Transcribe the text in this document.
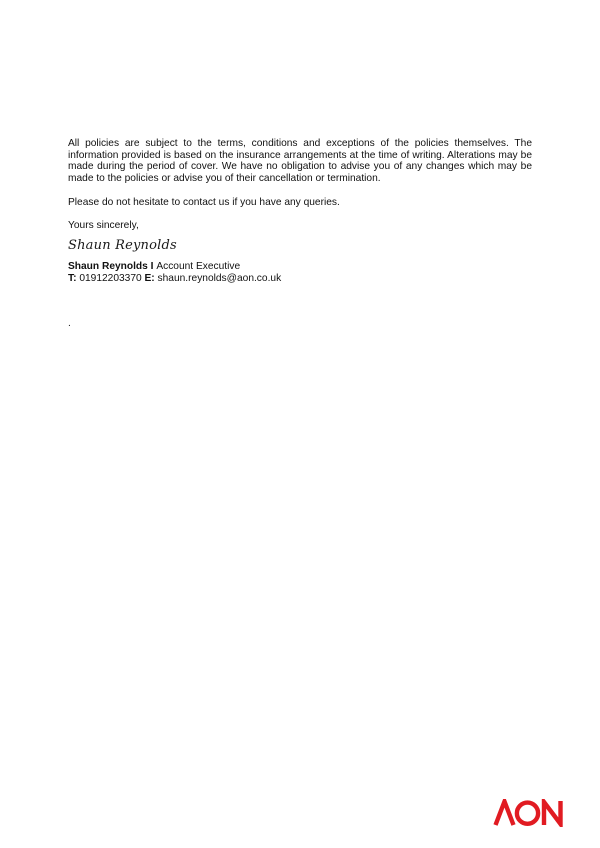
All policies are subject to the terms, conditions and exceptions of the policies themselves. The information provided is based on the insurance arrangements at the time of writing. Alterations may be made during the period of cover. We have no obligation to advise you of any changes which may be made to the policies or advise you of their cancellation or termination.

Please do not hesitate to contact us if you have any queries.

Yours sincerely,

Shaun Reynolds
Shaun Reynolds I Account Executive
T: 01912203370 E: shaun.reynolds@aon.co.uk
.
